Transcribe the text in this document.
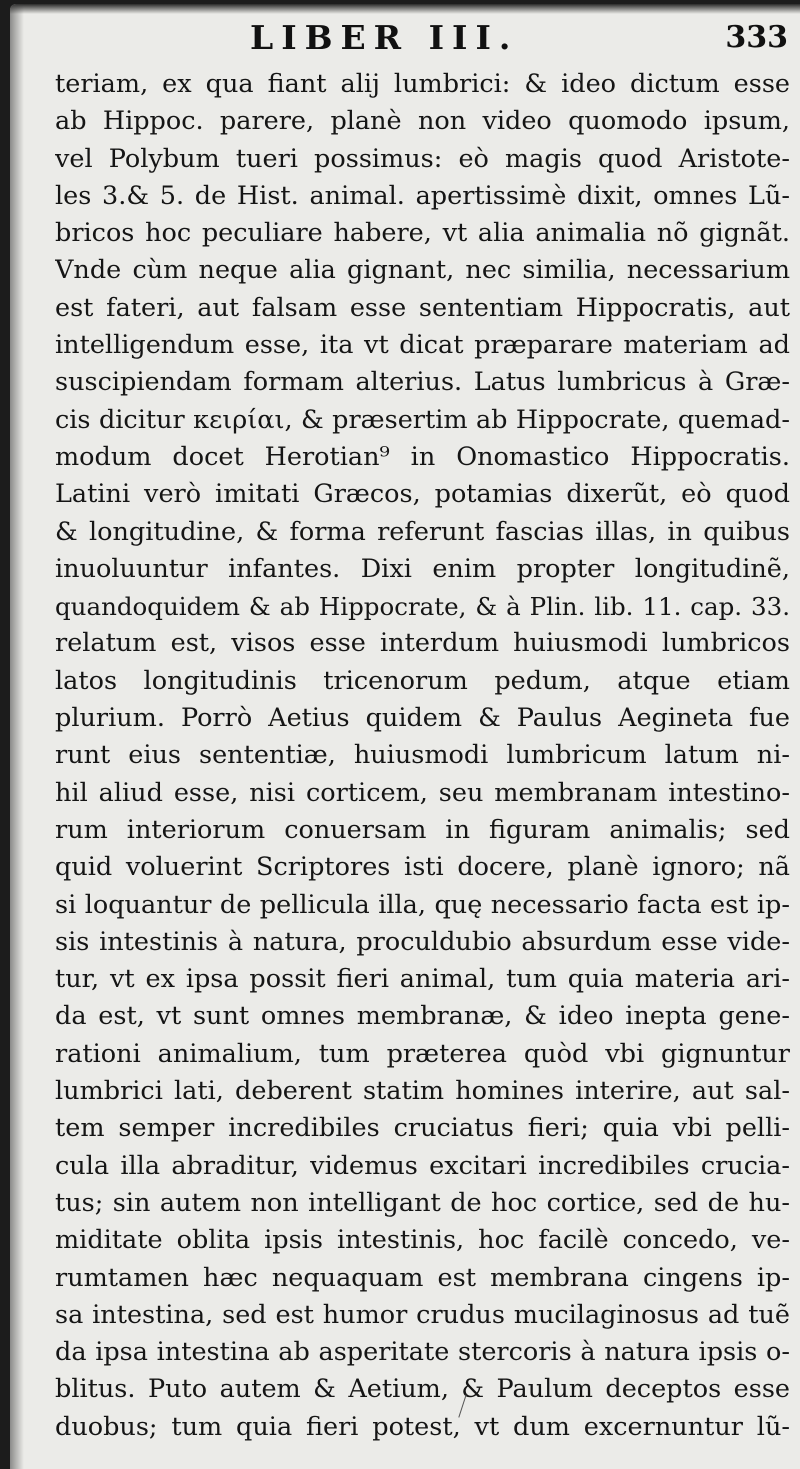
LIBER III.	333
teriam, ex qua fiant alij lumbrici: & ideo dictum esse
ab Hippoc. parere, planè non video quomodo ipsum,
vel Polybum tueri possimus: eò magis quod Aristote-
les 3.& 5. de Hist. animal. apertissimè dixit, omnes Lũ-
bricos hoc peculiare habere, vt alia animalia nõ gignãt.
Vnde cùm neque alia gignant, nec similia, necessarium
est fateri, aut falsam esse sententiam Hippocratis, aut
intelligendum esse, ita vt dicat præparare materiam ad
suscipiendam formam alterius. Latus lumbricus à Græ-
cis dicitur κειρίαι, & præsertim ab Hippocrate, quemad-
modum docet Herotian⁹ in Onomastico Hippocratis.
Latini verò imitati Græcos, potamias dixerũt, eò quod
& longitudine, & forma referunt fascias illas, in quibus
inuoluuntur infantes. Dixi enim propter longitudinẽ,
quandoquidem & ab Hippocrate, & à Plin. lib. 11. cap. 33.
relatum est, visos esse interdum huiusmodi lumbricos
latos longitudinis tricenorum pedum, atque etiam
plurium. Porrò Aetius quidem & Paulus Aegineta fue
runt eius sententiæ, huiusmodi lumbricum latum ni-
hil aliud esse, nisi corticem, seu membranam intestino-
rum interiorum conuersam in figuram animalis; sed
quid voluerint Scriptores isti docere, planè ignoro; nã
si loquantur de pellicula illa, quę necessario facta est ip-
sis intestinis à natura, proculdubio absurdum esse vide-
tur, vt ex ipsa possit fieri animal, tum quia materia ari-
da est, vt sunt omnes membranæ, & ideo inepta gene-
rationi animalium, tum præterea quòd vbi gignuntur
lumbrici lati, deberent statim homines interire, aut sal-
tem semper incredibiles cruciatus fieri; quia vbi pelli-
cula illa abraditur, videmus excitari incredibiles crucia-
tus; sin autem non intelligant de hoc cortice, sed de hu-
miditate oblita ipsis intestinis, hoc facilè concedo, ve-
rumtamen hæc nequaquam est membrana cingens ip-
sa intestina, sed est humor crudus mucilaginosus ad tuẽ
da ipsa intestina ab asperitate stercoris à natura ipsis o-
blitus. Puto autem & Aetium, & Paulum deceptos esse
duobus; tum quia fieri potest, vt dum excernuntur lũ-
